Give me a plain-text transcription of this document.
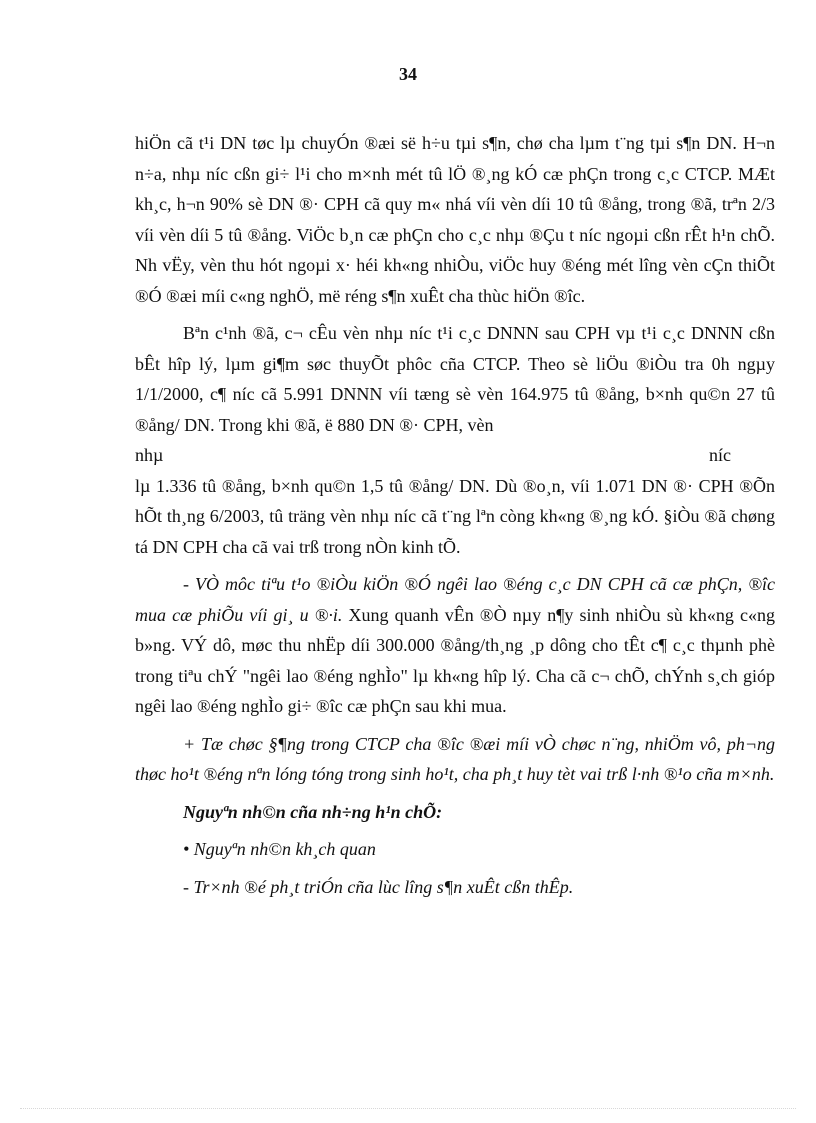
34

hiÖn cã t¹i DN tøc lµ chuyÓn ®æi së h÷u tµi s¶n, chø cha lµm t¨ng tµi s¶n DN. H¬n n÷a, nhµ níc cßn gi÷ l¹i cho m×nh mét tû lÖ ®¸ng kÓ cæ phÇn trong c¸c CTCP. MÆt kh¸c, h¬n 90% sè DN ®· CPH cã quy m« nhá víi vèn díi 10 tû ®ång, trong ®ã, trªn 2/3 víi vèn díi 5 tû ®ång. ViÖc b¸n cæ phÇn cho c¸c nhµ ®Çu t níc ngoµi cßn rÊt h¹n chÕ. Nh vËy, vèn thu hót ngoµi x· héi kh«ng nhiÒu, viÖc huy ®éng mét lîng vèn cÇn thiÕt ®Ó ®æi míi c«ng nghÖ, më réng s¶n xuÊt cha thùc hiÖn ®îc.

Bªn c¹nh ®ã, c¬ cÊu vèn nhµ níc t¹i c¸c DNNN sau CPH vµ t¹i c¸c DNNN cßn bÊt hîp lý, lµm gi¶m søc thuyÕt phôc cña CTCP. Theo sè liÖu ®iÒu tra 0h ngµy 1/1/2000, c¶ níc cã 5.991 DNNN víi tæng sè vèn 164.975 tû ®ång, b×nh qu©n 27 tû ®ång/ DN. Trong khi ®ã, ë 880 DN ®· CPH, vèn

nhµ	níc

lµ 1.336 tû ®ång, b×nh qu©n 1,5 tû ®ång/ DN. Dù ®o¸n, víi 1.071 DN ®· CPH ®Õn hÕt th¸ng 6/2003, tû träng vèn nhµ níc cã t¨ng lªn còng kh«ng ®¸ng kÓ. §iÒu ®ã chøng tá DN CPH cha cã vai trß trong nÒn kinh tÕ.

- VÒ môc tiªu t¹o ®iÒu kiÖn ®Ó ngêi lao ®éng c¸c DN CPH cã cæ phÇn, ®îc mua cæ phiÕu víi gi¸ u ®·i. Xung quanh vÊn ®Ò nµy n¶y sinh nhiÒu sù kh«ng c«ng b»ng. VÝ dô, møc thu nhËp díi 300.000 ®ång/th¸ng ¸p dông cho tÊt c¶ c¸c thµnh phè trong tiªu chÝ "ngêi lao ®éng nghÌo" lµ kh«ng hîp lý. Cha cã c¬ chÕ, chÝnh s¸ch gióp ngêi lao ®éng nghÌo gi÷ ®îc cæ phÇn sau khi mua.

+ Tæ chøc §¶ng trong CTCP cha ®îc ®æi míi vÒ chøc n¨ng, nhiÖm vô, ph¬ng thøc ho¹t ®éng nªn lóng tóng trong sinh ho¹t, cha ph¸t huy tèt vai trß l·nh ®¹o cña m×nh.

Nguyªn nh©n cña nh÷ng h¹n chÕ:

• Nguyªn nh©n kh¸ch quan

- Tr×nh ®é ph¸t triÓn cña lùc lîng s¶n xuÊt cßn thÊp.
